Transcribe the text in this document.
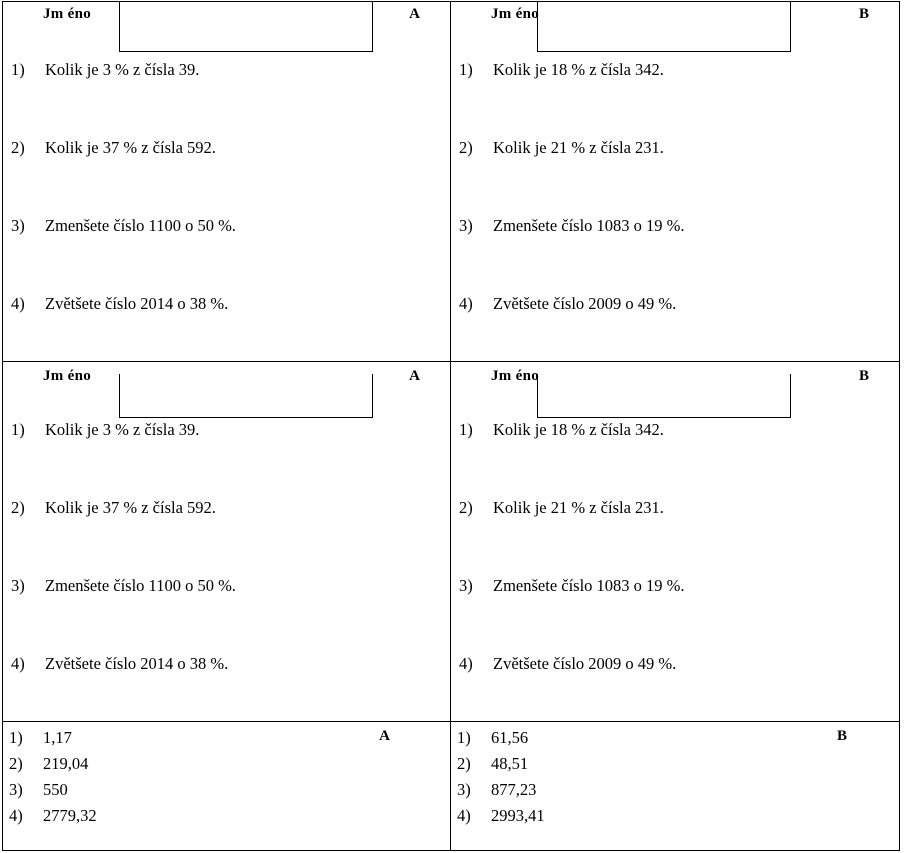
Jm éno	A
1)	Kolik je 3 % z čísla 39.
2)	Kolik je 37 % z čísla 592.
3)	Zmenšete číslo 1100 o 50 %.
4)	Zvětšete číslo 2014 o 38 %.
Jm éno	B
1)	Kolik je 18 % z čísla 342.
2)	Kolik je 21 % z čísla 231.
3)	Zmenšete číslo 1083 o 19 %.
4)	Zvětšete číslo 2009 o 49 %.
Jm éno	A
1)	Kolik je 3 % z čísla 39.
2)	Kolik je 37 % z čísla 592.
3)	Zmenšete číslo 1100 o 50 %.
4)	Zvětšete číslo 2014 o 38 %.
Jm éno	B
1)	Kolik je 18 % z čísla 342.
2)	Kolik je 21 % z čísla 231.
3)	Zmenšete číslo 1083 o 19 %.
4)	Zvětšete číslo 2009 o 49 %.
A
1)	1,17
2)	219,04
3)	550
4)	2779,32
B
1)	61,56
2)	48,51
3)	877,23
4)	2993,41
